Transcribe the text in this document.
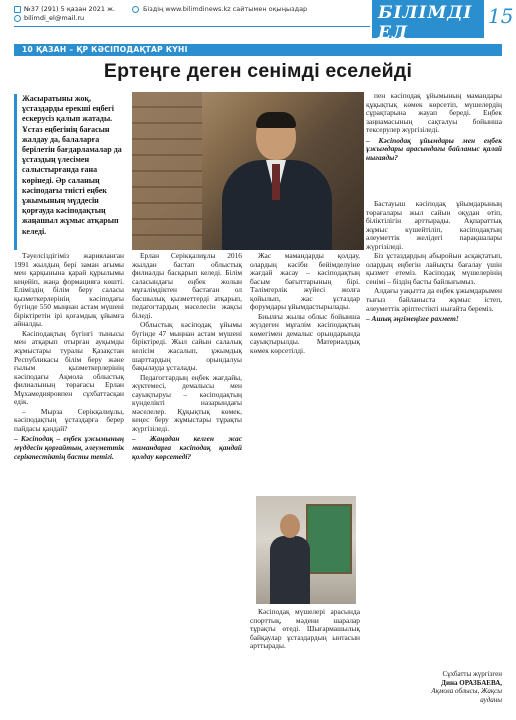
№37 (291) 5 қазан 2021 ж.
bilimdi_el@mail.ru
Біздің www.bilimdinews.kz сайтымен оқыңыздар	БІЛІМДІ ЕЛ
15
10 ҚАЗАН – ҚР КӘСІПОДАҚТАР КҮНІ
Ертеңге деген сенімді еселейді
Жасыратыны жоқ, ұстаздарды ерекші еңбегі ескерусіз қалып жатады. Ұстаз еңбегінің бағасын жалдау да, балаларға берілетін бағдарламалар да ұстаздың үлесімен салыстырғанда ғана көрінеді. Әр саланың кәсіподағы тиісті еңбек ұжымының мүддесін қорғауда кәсіподақтың жаңашыл жұмыс атқарып келеді.

Тәуелсіздігіміз жарияланған 1991 жылдың бері заман ағымы мен қарқынына қарай құрылымы кеңейіп, жаңа формацияға көшті. Еліміздің білім беру саласы қызметкерлерінің кәсіподағы бүгінде 550 мыңнан астам мүшені біріктіретін ірі қоғамдық ұйымға айналды.

Кәсіподақтың бүгінгі тынысы мен атқарып отырған ауқымды жұмыстары туралы Қазақстан Республикасы білім беру және ғылым қызметкерлерінің кәсіподағы Ақмола облыстық филиалының төрағасы Ерлан Мұхамедияровпен сұхбаттасқан едік.

– Мырза Серікқалиұлы, кәсіподақтың ұстаздарға берер пайдасы қандай?

– Кәсіподақ – еңбек ұжымының мүддесін қорғайтын, әлеуметтік серіктестіктің басты тетігі.

Ерлан Серікқалиұлы 2016 жылдан бастап облыстық филиалды басқарып келеді. Білім саласындағы еңбек жолын мұғалімдіктен бастаған ол басшылық қызметтерді атқарып, педагогтардың мәселесін жақсы біледі.

Облыстық кәсіподақ ұйымы бүгінде 47 мыңнан астам мүшені біріктіреді. Жыл сайын салалық келісім жасалып, ұжымдық шарттардың орындалуы бақылауда ұсталады.

Педагогтардың еңбек жағдайы, жүктемесі, демалысы мен сауықтыруы – кәсіподақтың күнделікті назарындағы мәселелер. Құқықтық көмек, кеңес беру жұмыстары тұрақты жүргізіледі.

– Жаңадан келген жас мамандарға кәсіподақ қандай қолдау көрсетеді?

Жас мамандарды қолдау, олардың кәсіби бейімделуіне жағдай жасау – кәсіподақтың басым бағыттарының бірі. Тәлімгерлік жүйесі жолға қойылып, жас ұстаздар форумдары ұйымдастырылады.

Биылғы жылы облыс бойынша жүздеген мұғалім кәсіподақтың көмегімен демалыс орындарында сауықтырылды. Материалдық көмек көрсетілді.

Кәсіподақ мүшелері арасында спорттық, мәдени шаралар тұрақты өтеді. Шығармашылық байқаулар ұстаздардың ынтасын арттырады.

пен кәсіподақ ұйымының мамандары құқықтық көмек көрсетіп, мүшелердің сұрақтарына жауап береді. Еңбек заңнамасының сақталуы бойынша тексерулер жүргізіледі.

– Кәсіподақ ұйымдары мен еңбек ұжымдары арасындағы байланыс қалай нығаяды?

Бастауыш кәсіподақ ұйымдарының төрағалары жыл сайын оқудан өтіп, біліктілігін арттырады. Ақпараттық жұмыс күшейтіліп, кәсіподақтың әлеуметтік желідегі парақшалары жүргізіледі.

Біз ұстаздардың абыройын асқақтатып, олардың еңбегін лайықты бағалау үшін қызмет етеміз. Кәсіподақ мүшелерінің сенімі – біздің басты байлығымыз.

Алдағы уақытта да еңбек ұжымдарымен тығыз байланыста жұмыс істеп, әлеуметтік әріптестікті нығайта береміз.

– Ашық әңгімеңізге рахмет!

Сұхбатты жүргізген
Дина ОРАЗБАЕВА,
Ақмола облысы, Жақсы ауданы
